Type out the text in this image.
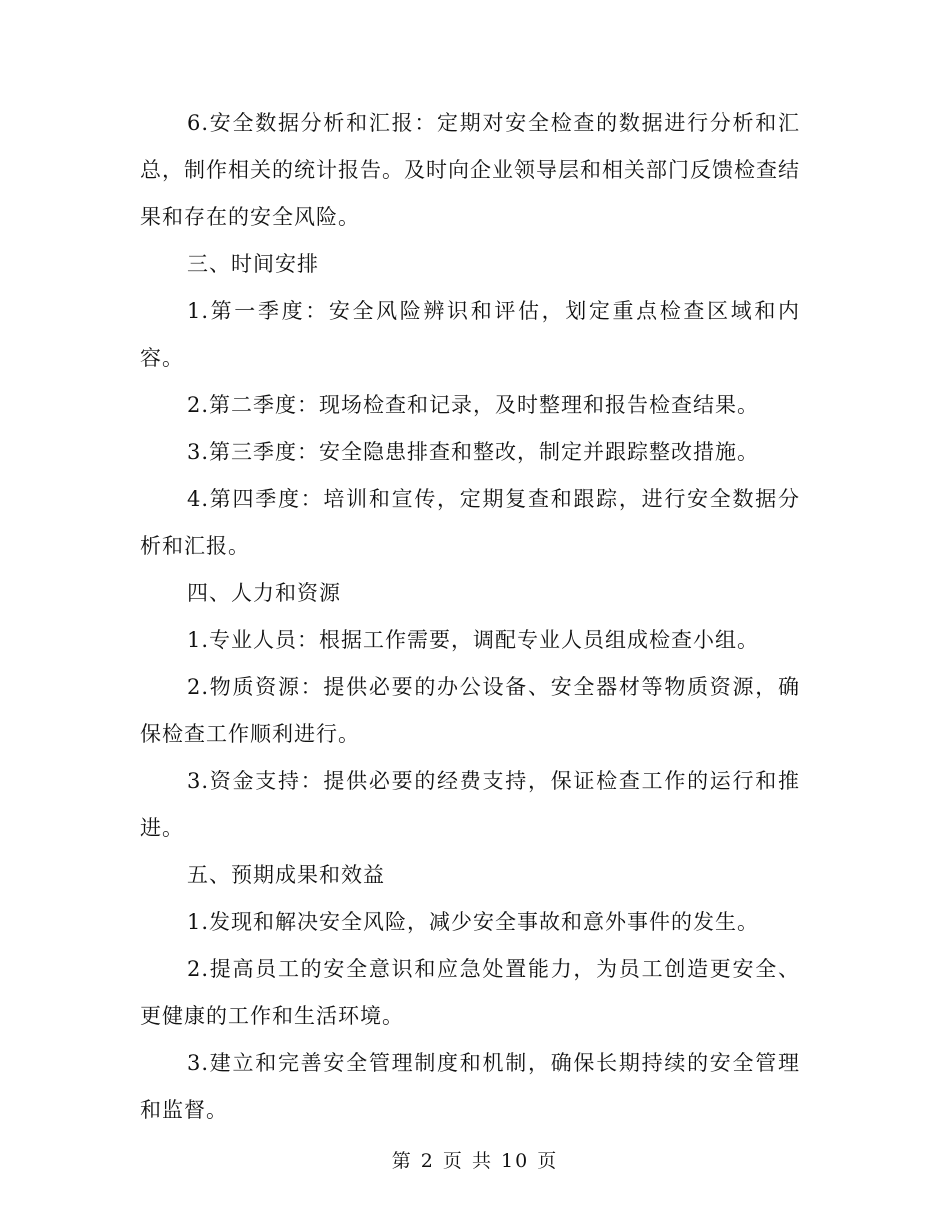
6.安全数据分析和汇报：定期对安全检查的数据进行分析和汇总，制作相关的统计报告。及时向企业领导层和相关部门反馈检查结果和存在的安全风险。

三、时间安排

1.第一季度：安全风险辨识和评估，划定重点检查区域和内容。

2.第二季度：现场检查和记录，及时整理和报告检查结果。

3.第三季度：安全隐患排查和整改，制定并跟踪整改措施。

4.第四季度：培训和宣传，定期复查和跟踪，进行安全数据分析和汇报。

四、人力和资源

1.专业人员：根据工作需要，调配专业人员组成检查小组。

2.物质资源：提供必要的办公设备、安全器材等物质资源，确保检查工作顺利进行。

3.资金支持：提供必要的经费支持，保证检查工作的运行和推进。

五、预期成果和效益

1.发现和解决安全风险，减少安全事故和意外事件的发生。

2.提高员工的安全意识和应急处置能力，为员工创造更安全、更健康的工作和生活环境。

3.建立和完善安全管理制度和机制，确保长期持续的安全管理和监督。

第 2 页 共 10 页
